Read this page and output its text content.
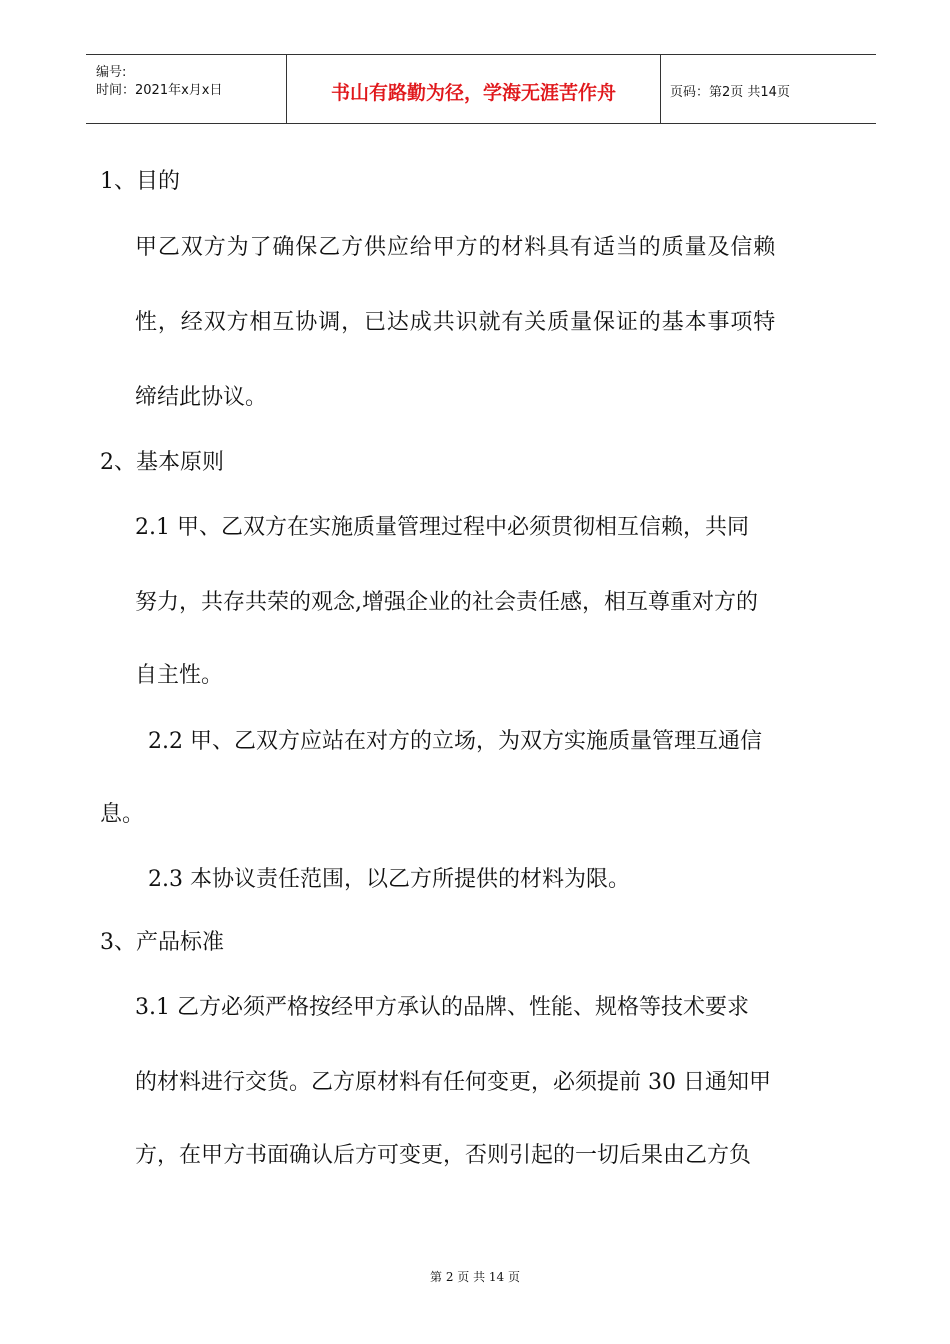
编号:
时间：2021年x月x日	书山有路勤为径，学海无涯苦作舟	页码：第2页 共14页
1、目的
甲乙双方为了确保乙方供应给甲方的材料具有适当的质量及信赖
性，经双方相互协调，已达成共识就有关质量保证的基本事项特
缔结此协议。
2、基本原则
2.1 甲、乙双方在实施质量管理过程中必须贯彻相互信赖，共同
努力，共存共荣的观念,增强企业的社会责任感，相互尊重对方的
自主性。
2.2 甲、乙双方应站在对方的立场，为双方实施质量管理互通信
息。
2.3 本协议责任范围，以乙方所提供的材料为限。
3、产品标准
3.1 乙方必须严格按经甲方承认的品牌、性能、规格等技术要求
的材料进行交货。乙方原材料有任何变更，必须提前 30 日通知甲
方，在甲方书面确认后方可变更，否则引起的一切后果由乙方负
第 2 页 共 14 页
